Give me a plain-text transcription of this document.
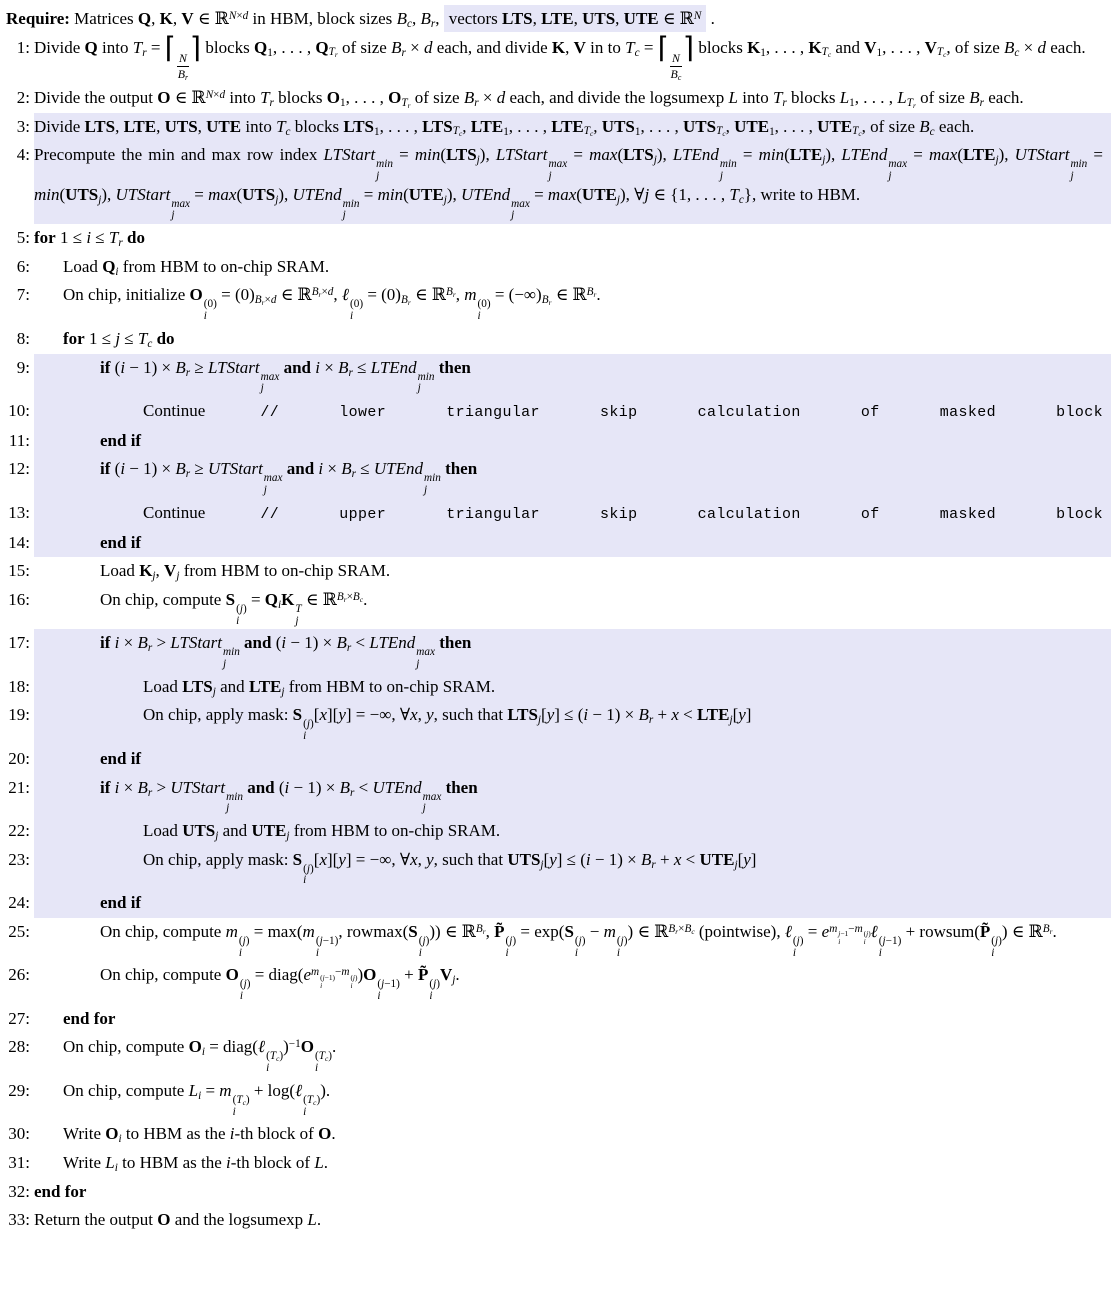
Require: Matrices Q, K, V ∈ ℝ$^{N\times d}$ in HBM, block sizes $B_c$, $B_r$, vectors LTS, LTE, UTS, UTE ∈ ℝ$^N$ .
1: Divide Q into $T_r$ = ⌈
$\frac{N}{B_r}$
⌉ blocks $Q_1$, . . . , $Q_{T_r}$ of size $B_r \times d$ each, and divide K, V in to $T_c$ = ⌈
$\frac{N}{B_c}$
⌉ blocks $K_1$, . . . , $K_{T_c}$ and $V_1$, . . . , $V_{T_c}$, of size $B_c \times d$ each.
2: Divide the output O ∈ ℝ$^{N\times d}$ into $T_r$ blocks $O_1$, . . . , $O_{T_r}$ of size $B_r \times d$ each, and divide the logsumexp L into $T_r$ blocks $L_1$, . . . , $L_{T_r}$ of size $B_r$ each.
3: Divide LTS, LTE, UTS, UTE into $T_c$ blocks $LTS_1$, . . . , $LTS_{T_c}$, $LTE_1$, . . . , $LTE_{T_c}$, $UTS_1$, . . . , $UTS_{T_c}$, $UTE_1$, . . . , $UTE_{T_c}$, of size $B_c$ each.
4: Precompute the min and max row index LTStart min
j
= $\min(LTS_j)$, LTStart max
j
= $\max(LTS_j)$, LTEnd min
j
= $\min(LTE_j)$, LTEnd max
j
= $\max(LTE_j)$, UTStart min
j
= $\min(UTS_j)$, UTStart max
j
= $\max(UTS_j)$, UTEnd min
j
= $\min(UTE_j)$, UTEnd max
j
= $\max(UTE_j)$, ∀j ∈ {1, . . . , $T_c$}, write to HBM.
5: for $1 \le i \le T_r$ do
6:	Load $Q_i$ from HBM to on-chip SRAM.
7:	On chip, initialize O (0)
i
= $(0)_{B_r\times d}$ ∈ ℝ$^{B_r\times d}$, ℓ (0)
i
= $(0)_{B_r}$ ∈ ℝ$^{B_r}$, m (0)
i
= $(-\infty)_{B_r}$ ∈ ℝ$^{B_r}$.
8:	for $1 \le j \le T_c$ do
9:	if $(i - 1) \times B_r$ ≥ LTStart max
j
and $i \times B_r$ ≤ LTEnd min
j
then
10:	Continue // lower triangular skip calculation of masked block
11:	end if
12:	if $(i - 1) \times B_r$ ≥ UTStart max
j
and $i \times B_r$ ≤ UTEnd min
j
then
13:	Continue // upper triangular skip calculation of masked block
14:	end if
15:	Load $K_j$, $V_j$ from HBM to on-chip SRAM.
16:	On chip, compute S (j)
i
= $Q_iK$ T
j
∈ ℝ$^{B_r\times B_c}$.
17:	if $i \times B_r$ > LTStart min
j
and $(i - 1) \times B_r$ < LTEnd max
j
then
18:	Load $LTS_j$ and $LTE_j$ from HBM to on-chip SRAM.
19:	On chip, apply mask: S (j)
i
[x][y] = −∞, ∀x, y, such that $LTS_j[y] \le (i - 1) \times B_r + x < LTE_j[y]$
20:	end if
21:	if $i \times B_r$ > UTStart min
j
and $(i - 1) \times B_r$ < UTEnd max
j
then
22:	Load $UTS_j$ and $UTE_j$ from HBM to on-chip SRAM.
23:	On chip, apply mask: S (j)
i
[x][y] = −∞, ∀x, y, such that $UTS_j[y] \le (i - 1) \times B_r + x < UTE_j[y]$
24:	end if
25:	On chip, compute m (j)
i
= max(m (j−1)
i
, rowmax(S (j)
i
)) ∈ ℝ$^{B_r}$, P̃ (j)
i
= exp(S (j)
i
− m (j)
i
) ∈ ℝ$^{B_r\times B_c}$ (pointwise), ℓ (j)
i
= $e^{m j-1 i -m (j) i}$
ℓ (j−1)
i
+ rowsum(P̃ (j)
i
) ∈ ℝ$^{B_r}$.
26:	On chip, compute O (j)
i
= $diag(e^{m (j-1) i -m (j) i}$
)O (j−1)
i
+ P̃ (j)
i
$V_j$.
27:	end for
28:	On chip, compute $O_i$ = diag(ℓ $(T_c)$
i
)$^{-1}$O $(T_c)$
i
.
29:	On chip, compute $L_i = m$ $(T_c)$
i
+ log(ℓ $(T_c)$
i
).
30:	Write $O_i$ to HBM as the i-th block of O.
31:	Write $L_i$ to HBM as the i-th block of L.
32: end for
33: Return the output O and the logsumexp L.
